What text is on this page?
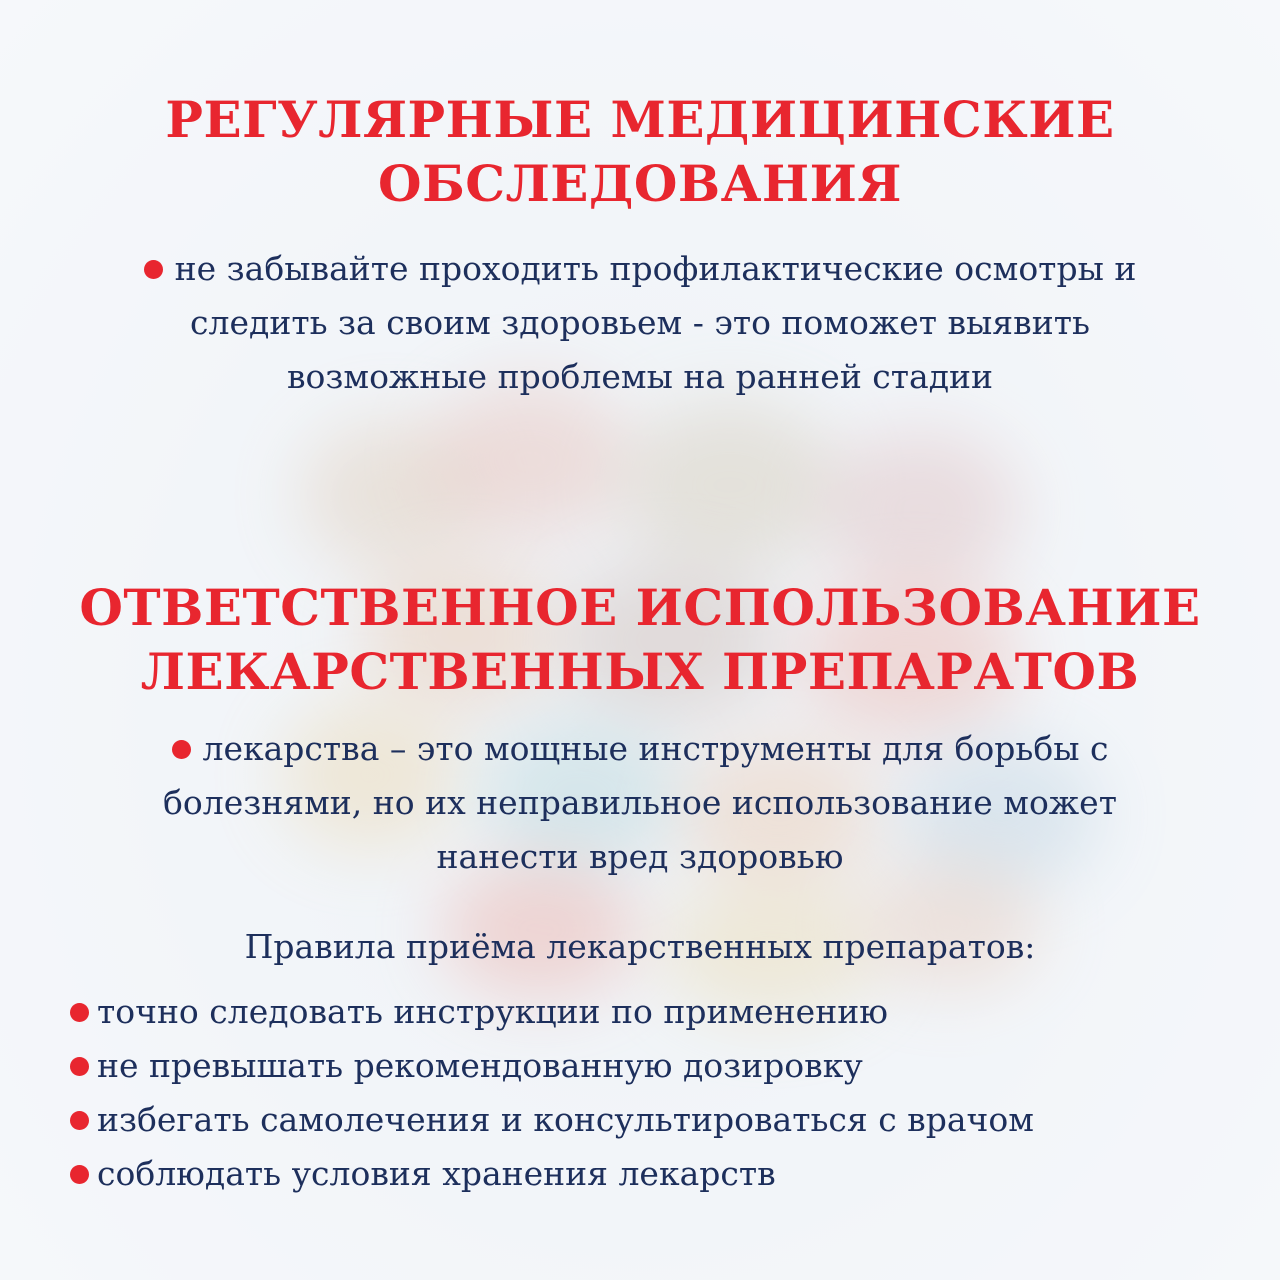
РЕГУЛЯРНЫЕ МЕДИЦИНСКИЕ
ОБСЛЕДОВАНИЯ

не забывайте проходить профилактические осмотры и
следить за своим здоровьем - это поможет выявить
возможные проблемы на ранней стадии

ОТВЕТСТВЕННОЕ ИСПОЛЬЗОВАНИЕ
ЛЕКАРСТВЕННЫХ ПРЕПАРАТОВ

лекарства – это мощные инструменты для борьбы с
болезнями, но их неправильное использование может
нанести вред здоровью

Правила приёма лекарственных препаратов:

точно следовать инструкции по применению
не превышать рекомендованную дозировку
избегать самолечения и консультироваться с врачом
соблюдать условия хранения лекарств
